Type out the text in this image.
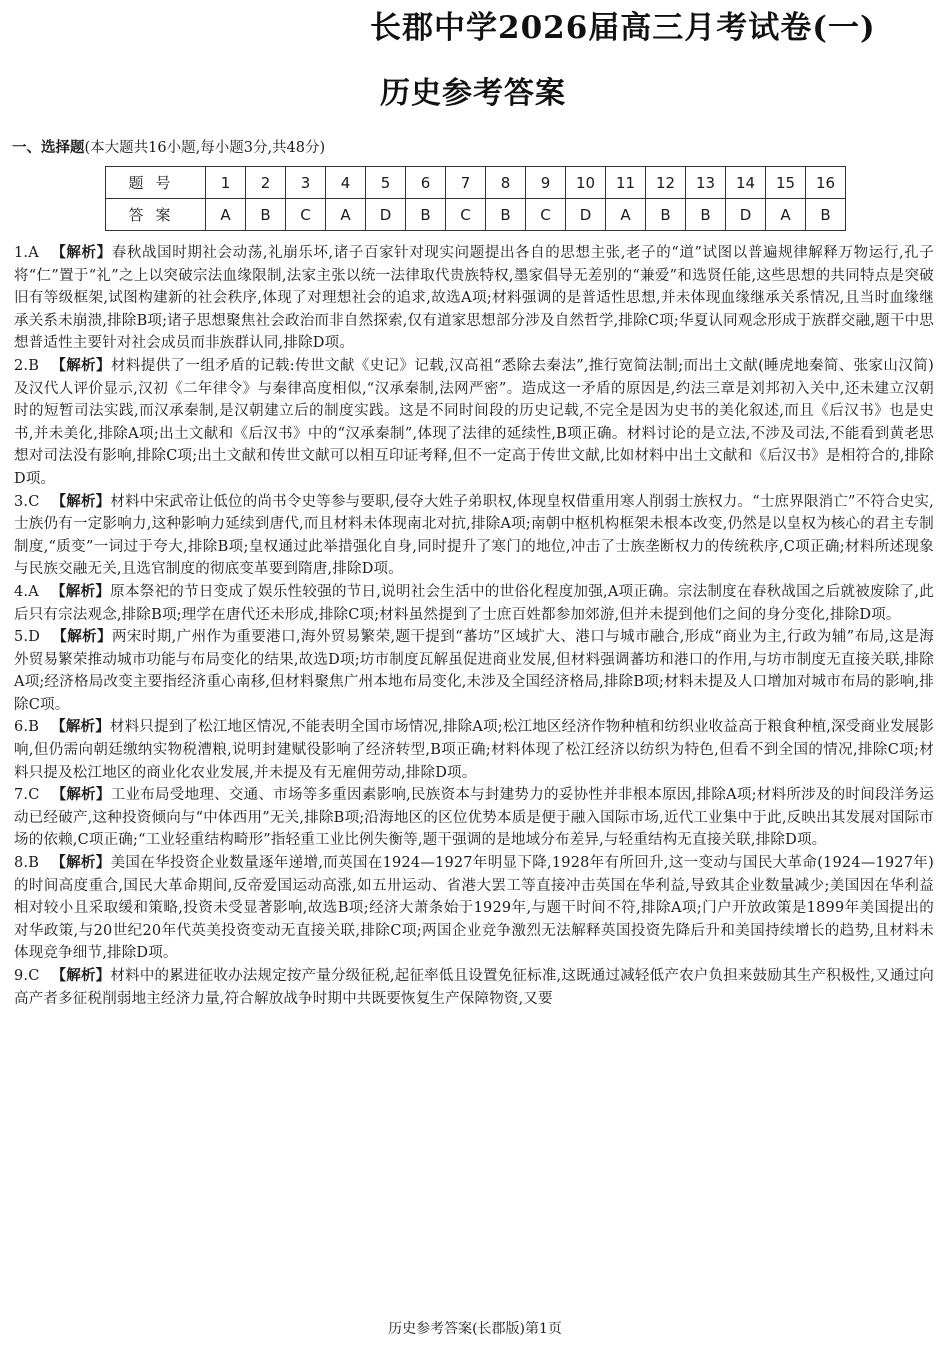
长郡中学2026届高三月考试卷(一)
历史参考答案
一、选择题(本大题共16小题,每小题3分,共48分)
题号	1	2	3	4	5	6	7	8	9	10	11	12	13	14	15	16
答案	A	B	C	A	D	B	C	B	C	D	A	B	B	D	A	B

1.A 【解析】春秋战国时期社会动荡,礼崩乐坏,诸子百家针对现实问题提出各自的思想主张,老子的“道”试图以普遍规律解释万物运行,孔子将“仁”置于“礼”之上以突破宗法血缘限制,法家主张以统一法律取代贵族特权,墨家倡导无差别的“兼爱”和选贤任能,这些思想的共同特点是突破旧有等级框架,试图构建新的社会秩序,体现了对理想社会的追求,故选A项;材料强调的是普适性思想,并未体现血缘继承关系情况,且当时血缘继承关系未崩溃,排除B项;诸子思想聚焦社会政治而非自然探索,仅有道家思想部分涉及自然哲学,排除C项;华夏认同观念形成于族群交融,题干中思想普适性主要针对社会成员而非族群认同,排除D项。

2.B 【解析】材料提供了一组矛盾的记载:传世文献《史记》记载,汉高祖“悉除去秦法”,推行宽简法制;而出土文献(睡虎地秦简、张家山汉简)及汉代人评价显示,汉初《二年律令》与秦律高度相似,“汉承秦制,法网严密”。造成这一矛盾的原因是,约法三章是刘邦初入关中,还未建立汉朝时的短暂司法实践,而汉承秦制,是汉朝建立后的制度实践。这是不同时间段的历史记载,不完全是因为史书的美化叙述,而且《后汉书》也是史书,并未美化,排除A项;出土文献和《后汉书》中的“汉承秦制”,体现了法律的延续性,B项正确。材料讨论的是立法,不涉及司法,不能看到黄老思想对司法没有影响,排除C项;出土文献和传世文献可以相互印证考释,但不一定高于传世文献,比如材料中出土文献和《后汉书》是相符合的,排除D项。

3.C 【解析】材料中宋武帝让低位的尚书令史等参与要职,侵夺大姓子弟职权,体现皇权借重用寒人削弱士族权力。“士庶界限消亡”不符合史实,士族仍有一定影响力,这种影响力延续到唐代,而且材料未体现南北对抗,排除A项;南朝中枢机构框架未根本改变,仍然是以皇权为核心的君主专制制度,“质变”一词过于夸大,排除B项;皇权通过此举措强化自身,同时提升了寒门的地位,冲击了士族垄断权力的传统秩序,C项正确;材料所述现象与民族交融无关,且选官制度的彻底变革要到隋唐,排除D项。

4.A 【解析】原本祭祀的节日变成了娱乐性较强的节日,说明社会生活中的世俗化程度加强,A项正确。宗法制度在春秋战国之后就被废除了,此后只有宗法观念,排除B项;理学在唐代还未形成,排除C项;材料虽然提到了士庶百姓都参加郊游,但并未提到他们之间的身分变化,排除D项。

5.D 【解析】两宋时期,广州作为重要港口,海外贸易繁荣,题干提到“蕃坊”区域扩大、港口与城市融合,形成“商业为主,行政为辅”布局,这是海外贸易繁荣推动城市功能与布局变化的结果,故选D项;坊市制度瓦解虽促进商业发展,但材料强调蕃坊和港口的作用,与坊市制度无直接关联,排除A项;经济格局改变主要指经济重心南移,但材料聚焦广州本地布局变化,未涉及全国经济格局,排除B项;材料未提及人口增加对城市布局的影响,排除C项。

6.B 【解析】材料只提到了松江地区情况,不能表明全国市场情况,排除A项;松江地区经济作物种植和纺织业收益高于粮食种植,深受商业发展影响,但仍需向朝廷缴纳实物税漕粮,说明封建赋役影响了经济转型,B项正确;材料体现了松江经济以纺织为特色,但看不到全国的情况,排除C项;材料只提及松江地区的商业化农业发展,并未提及有无雇佣劳动,排除D项。

7.C 【解析】工业布局受地理、交通、市场等多重因素影响,民族资本与封建势力的妥协性并非根本原因,排除A项;材料所涉及的时间段洋务运动已经破产,这种投资倾向与“中体西用”无关,排除B项;沿海地区的区位优势本质是便于融入国际市场,近代工业集中于此,反映出其发展对国际市场的依赖,C项正确;“工业轻重结构畸形”指轻重工业比例失衡等,题干强调的是地域分布差异,与轻重结构无直接关联,排除D项。

8.B 【解析】美国在华投资企业数量逐年递增,而英国在1924—1927年明显下降,1928年有所回升,这一变动与国民大革命(1924—1927年)的时间高度重合,国民大革命期间,反帝爱国运动高涨,如五卅运动、省港大罢工等直接冲击英国在华利益,导致其企业数量减少;美国因在华利益相对较小且采取缓和策略,投资未受显著影响,故选B项;经济大萧条始于1929年,与题干时间不符,排除A项;门户开放政策是1899年美国提出的对华政策,与20世纪20年代英美投资变动无直接关联,排除C项;两国企业竞争激烈无法解释英国投资先降后升和美国持续增长的趋势,且材料未体现竞争细节,排除D项。

9.C 【解析】材料中的累进征收办法规定按产量分级征税,起征率低且设置免征标准,这既通过减轻低产农户负担来鼓励其生产积极性,又通过向高产者多征税削弱地主经济力量,符合解放战争时期中共既要恢复生产保障物资,又要

历史参考答案(长郡版)第1页
